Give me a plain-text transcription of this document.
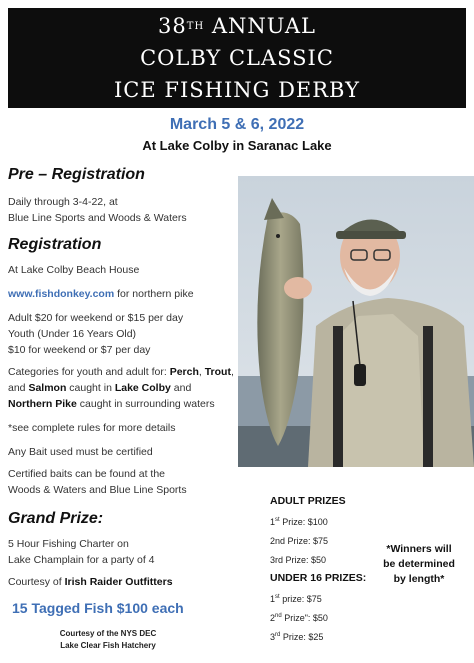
38TH ANNUAL
COLBY CLASSIC
ICE FISHING DERBY
March 5 & 6, 2022
At Lake Colby in Saranac Lake
Pre – Registration
Daily through 3-4-22, at
Blue Line Sports and Woods & Waters
Registration
At Lake Colby Beach House
www.fishdonkey.com for northern pike
Adult $20 for weekend or $15 per day
Youth (Under 16 Years Old)
$10 for weekend or $7 per day
Categories for youth and adult for: Perch, Trout, and Salmon caught in Lake Colby and Northern Pike caught in surrounding waters
*see complete rules for more details
Any Bait used must be certified
Certified baits can be found at the
Woods & Waters and Blue Line Sports
Grand Prize:
5 Hour Fishing Charter on
Lake Champlain for a party of 4
Courtesy of Irish Raider Outfitters
15 Tagged Fish $100 each
Courtesy of the NYS DEC
Lake Clear Fish Hatchery
ADULT PRIZES
1st Prize: $100
2nd Prize: $75
3rd Prize: $50
UNDER 16 PRIZES:
1st prize: $75
2nd Prize": $50
3rd Prize: $25
*Winners will
be determined
by length*
